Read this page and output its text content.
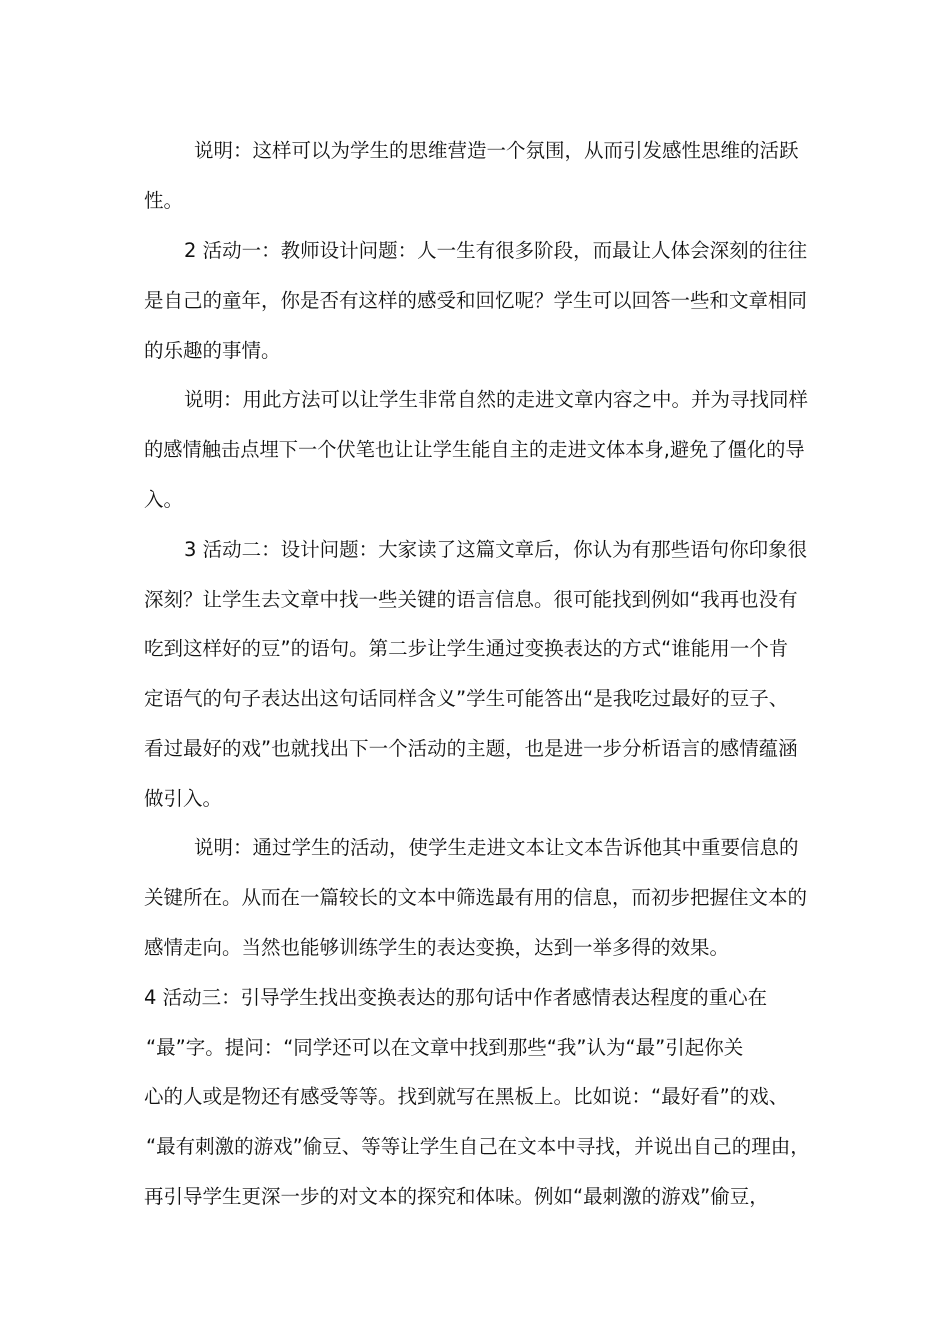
说明：这样可以为学生的思维营造一个氛围，从而引发感性思维的活跃
性。
2 活动一：教师设计问题：人一生有很多阶段，而最让人体会深刻的往往
是自己的童年，你是否有这样的感受和回忆呢？学生可以回答一些和文章相同
的乐趣的事情。
说明：用此方法可以让学生非常自然的走进文章内容之中。并为寻找同样
的感情触击点埋下一个伏笔也让让学生能自主的走进文体本身,避免了僵化的导
入。
3 活动二：设计问题：大家读了这篇文章后，你认为有那些语句你印象很
深刻？让学生去文章中找一些关键的语言信息。很可能找到例如“我再也没有
吃到这样好的豆”的语句。第二步让学生通过变换表达的方式“谁能用一个肯
定语气的句子表达出这句话同样含义”学生可能答出“是我吃过最好的豆子、
看过最好的戏”也就找出下一个活动的主题，也是进一步分析语言的感情蕴涵
做引入。
说明：通过学生的活动，使学生走进文本让文本告诉他其中重要信息的
关键所在。从而在一篇较长的文本中筛选最有用的信息，而初步把握住文本的
感情走向。当然也能够训练学生的表达变换，达到一举多得的效果。
4 活动三：引导学生找出变换表达的那句话中作者感情表达程度的重心在
“最”字。提问：“同学还可以在文章中找到那些“我”认为“最”引起你关
心的人或是物还有感受等等。找到就写在黑板上。比如说：“最好看”的戏、
“最有刺激的游戏”偷豆、等等让学生自己在文本中寻找，并说出自己的理由，
再引导学生更深一步的对文本的探究和体味。例如“最刺激的游戏”偷豆，
